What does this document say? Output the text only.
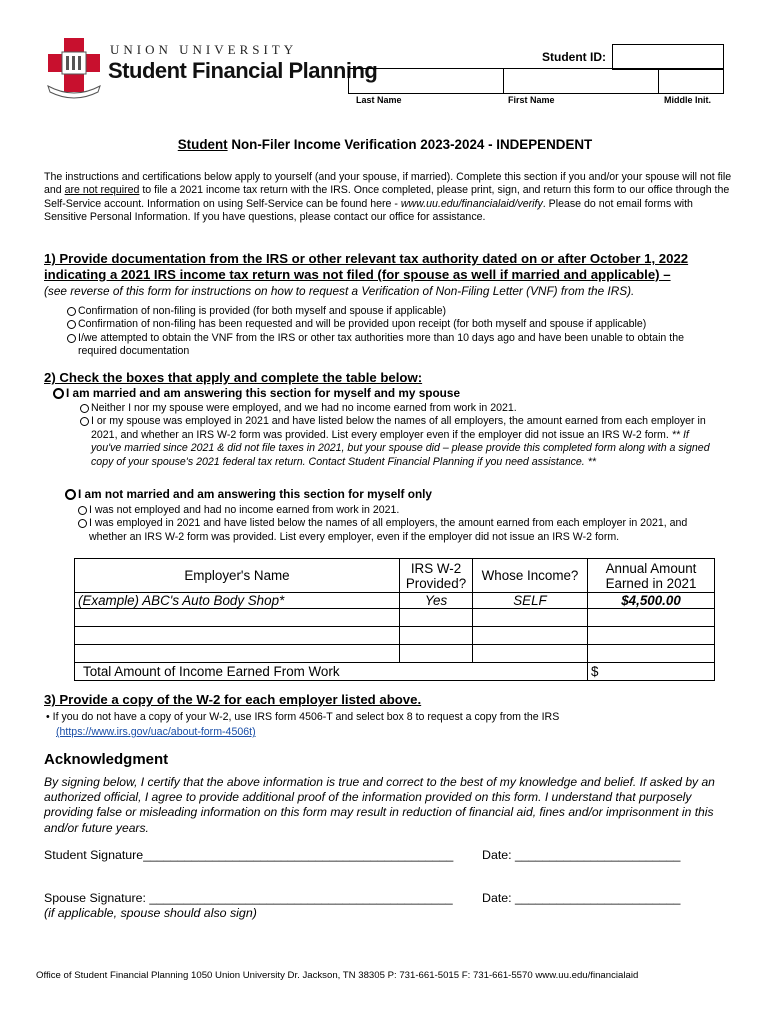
UNION UNIVERSITY
Student Financial Planning
Student ID:
Last Name	First Name	Middle Init.
Student Non-Filer Income Verification 2023-2024 - INDEPENDENT
The instructions and certifications below apply to yourself (and your spouse, if married). Complete this section if you and/or your spouse will not file and are not required to file a 2021 income tax return with the IRS. Once completed, please print, sign, and return this form to our office through the Self-Service account. Information on using Self-Service can be found here - www.uu.edu/financialaid/verify. Please do not email forms with Sensitive Personal Information. If you have questions, please contact our office for assistance.
1) Provide documentation from the IRS or other relevant tax authority dated on or after October 1, 2022 indicating a 2021 IRS income tax return was not filed (for spouse as well if married and applicable) –
(see reverse of this form for instructions on how to request a Verification of Non-Filing Letter (VNF) from the IRS).
Confirmation of non-filing is provided (for both myself and spouse if applicable)
Confirmation of non-filing has been requested and will be provided upon receipt (for both myself and spouse if applicable)
I/we attempted to obtain the VNF from the IRS or other tax authorities more than 10 days ago and have been unable to obtain the required documentation
2) Check the boxes that apply and complete the table below:
I am married and am answering this section for myself and my spouse
Neither I nor my spouse were employed, and we had no income earned from work in 2021.
I or my spouse was employed in 2021 and have listed below the names of all employers, the amount earned from each employer in 2021, and whether an IRS W-2 form was provided. List every employer even if the employer did not issue an IRS W-2 form. ** If you've married since 2021 & did not file taxes in 2021, but your spouse did – please provide this completed form along with a signed copy of your spouse's 2021 federal tax return. Contact Student Financial Planning if you need assistance. **
I am not married and am answering this section for myself only
I was not employed and had no income earned from work in 2021.
I was employed in 2021 and have listed below the names of all employers, the amount earned from each employer in 2021, and whether an IRS W-2 form was provided. List every employer, even if the employer did not issue an IRS W-2 form.
Employer's Name	IRS W-2 Provided?	Whose Income?	Annual Amount Earned in 2021
(Example) ABC's Auto Body Shop*	Yes	SELF	$4,500.00

Total Amount of Income Earned From Work			$
3) Provide a copy of the W-2 for each employer listed above.
• If you do not have a copy of your W-2, use IRS form 4506-T and select box 8 to request a copy from the IRS
(https://www.irs.gov/uac/about-form-4506t)
Acknowledgment
By signing below, I certify that the above information is true and correct to the best of my knowledge and belief. If asked by an authorized official, I agree to provide additional proof of the information provided on this form. I understand that purposely providing false or misleading information on this form may result in reduction of financial aid, fines and/or imprisonment in this and/or future years.
Student Signature_____________________________________________ Date: ________________________
Spouse Signature: ____________________________________________ Date: ________________________
(if applicable, spouse should also sign)
Office of Student Financial Planning 1050 Union University Dr. Jackson, TN 38305 P: 731-661-5015 F: 731-661-5570 www.uu.edu/financialaid
